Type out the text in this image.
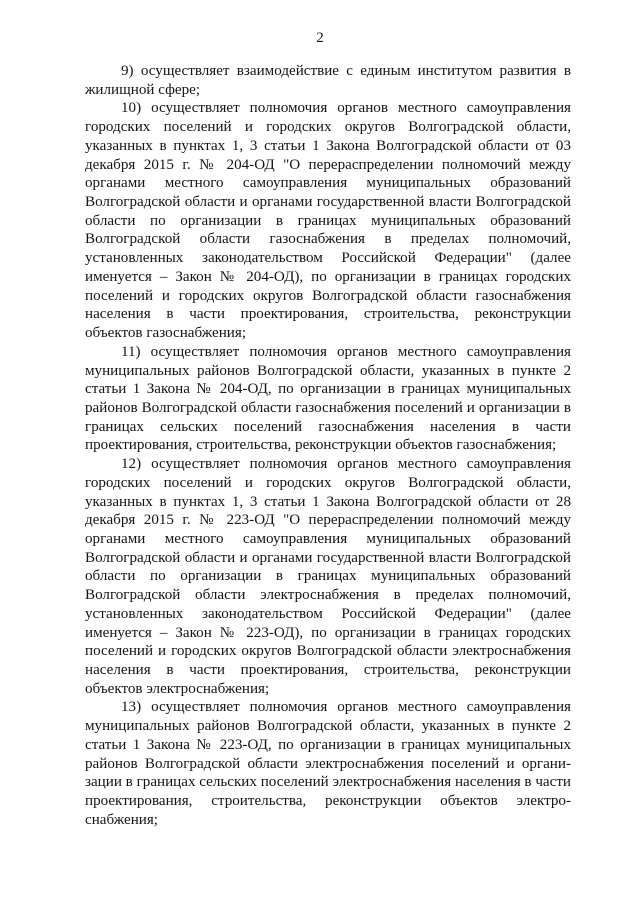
2

9) осуществляет взаимодействие с единым институтом развития в жилищной сфере;

10) осуществляет полномочия органов местного самоуправления городских поселений и городских округов Волгоградской области, указанных в пунктах 1, 3 статьи 1 Закона Волгоградской области от 03 декабря 2015 г. № 204-ОД "О перераспределении полномочий между органами местного самоуправления муниципальных образований Волгоградской области и органами государственной власти Волгоградской области по организации в границах муниципальных образований Волгоградской области газоснабжения в пределах полномочий, установленных законодательством Российской Федерации" (далее именуется – Закон № 204-ОД), по организации в границах городских поселений и городских округов Волгоградской области газоснабжения населения в части проектирования, строительства, реконструкции объектов газоснабжения;

11) осуществляет полномочия органов местного самоуправления муниципальных районов Волгоградской области, указанных в пункте 2 статьи 1 Закона № 204-ОД, по организации в границах муниципальных районов Волгоградской области газоснабжения поселений и организации в границах сельских поселений газоснабжения населения в части проектирования, строительства, реконструкции объектов газоснабжения;

12) осуществляет полномочия органов местного самоуправления городских поселений и городских округов Волгоградской области, указанных в пунктах 1, 3 статьи 1 Закона Волгоградской области от 28 декабря 2015 г. № 223-ОД "О перераспределении полномочий между органами местного самоуправления муниципальных образований Волгоградской области и органами государственной власти Волгоградской области по организации в границах муниципальных образований Волгоградской области электроснабжения в пределах полномочий, установленных законодательством Российской Федерации" (далее именуется – Закон № 223-ОД), по организации в границах городских поселений и городских округов Волгоградской области электроснабжения населения в части проектирования, строительства, реконструкции объектов электроснабжения;

13) осуществляет полномочия органов местного самоуправления муниципальных районов Волгоградской области, указанных в пункте 2 статьи 1 Закона № 223-ОД, по организации в границах муниципальных районов Волгоградской области электроснабжения поселений и организации в границах сельских поселений электроснабжения населения в части проектирования, строительства, реконструкции объектов электроснабжения;
